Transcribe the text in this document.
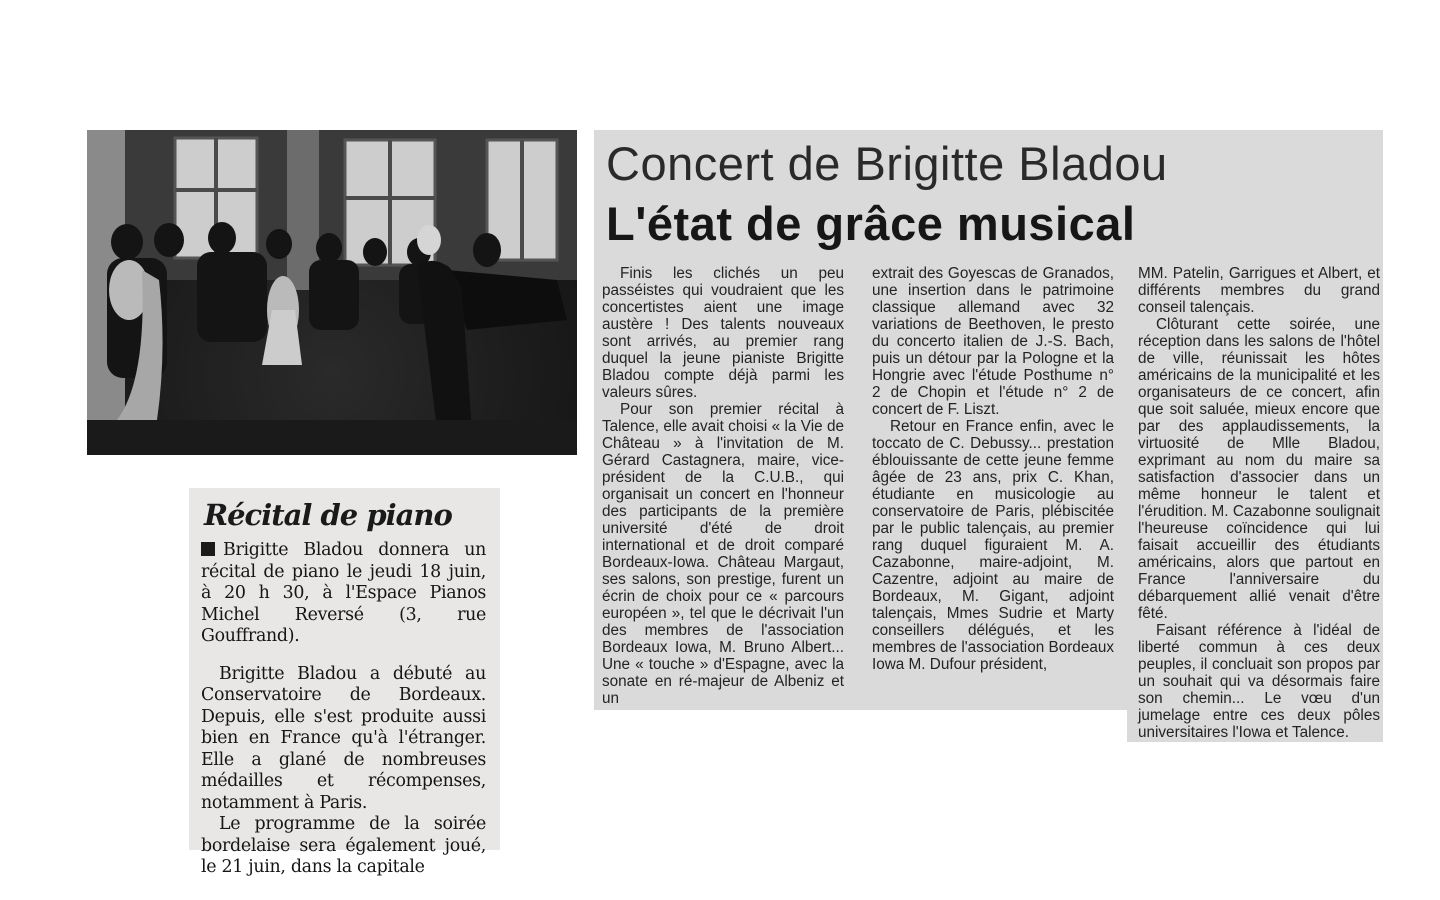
Récital de piano

Brigitte Bladou donnera un récital de piano le jeudi 18 juin, à 20 h 30, à l'Espace Pianos Michel Reversé (3, rue Gouffrand).

Brigitte Bladou a débuté au Conservatoire de Bordeaux. Depuis, elle s'est produite aussi bien en France qu'à l'étranger. Elle a glané de nombreuses médailles et récompenses, notamment à Paris.

Le programme de la soirée bordelaise sera également joué, le 21 juin, dans la capitale

Concert de Brigitte Bladou
L'état de grâce musical

Finis les clichés un peu passéistes qui voudraient que les concertistes aient une image austère ! Des talents nouveaux sont arrivés, au premier rang duquel la jeune pianiste Brigitte Bladou compte déjà parmi les valeurs sûres.

Pour son premier récital à Talence, elle avait choisi « la Vie de Château » à l'invitation de M. Gérard Castagnera, maire, vice-président de la C.U.B., qui organisait un concert en l'honneur des participants de la première université d'été de droit international et de droit comparé Bordeaux-Iowa. Château Margaut, ses salons, son prestige, furent un écrin de choix pour ce « parcours européen », tel que le décrivait l'un des membres de l'association Bordeaux Iowa, M. Bruno Albert... Une « touche » d'Espagne, avec la sonate en ré-majeur de Albeniz et un

extrait des Goyescas de Granados, une insertion dans le patrimoine classique allemand avec 32 variations de Beethoven, le presto du concerto italien de J.-S. Bach, puis un détour par la Pologne et la Hongrie avec l'étude Posthume n° 2 de Chopin et l'étude n° 2 de concert de F. Liszt.

Retour en France enfin, avec le toccato de C. Debussy... prestation éblouissante de cette jeune femme âgée de 23 ans, prix C. Khan, étudiante en musicologie au conservatoire de Paris, plébiscitée par le public talençais, au premier rang duquel figuraient M. A. Cazabonne, maire-adjoint, M. Cazentre, adjoint au maire de Bordeaux, M. Gigant, adjoint talençais, Mmes Sudrie et Marty conseillers délégués, et les membres de l'association Bordeaux Iowa M. Dufour président,

MM. Patelin, Garrigues et Albert, et différents membres du grand conseil talençais.

Clôturant cette soirée, une réception dans les salons de l'hôtel de ville, réunissait les hôtes américains de la municipalité et les organisateurs de ce concert, afin que soit saluée, mieux encore que par des applaudissements, la virtuosité de Mlle Bladou, exprimant au nom du maire sa satisfaction d'associer dans un même honneur le talent et l'érudition. M. Cazabonne soulignait l'heureuse coïncidence qui lui faisait accueillir des étudiants américains, alors que partout en France l'anniversaire du débarquement allié venait d'être fêté.

Faisant référence à l'idéal de liberté commun à ces deux peuples, il concluait son propos par un souhait qui va désormais faire son chemin... Le vœu d'un jumelage entre ces deux pôles universitaires l'Iowa et Talence.
